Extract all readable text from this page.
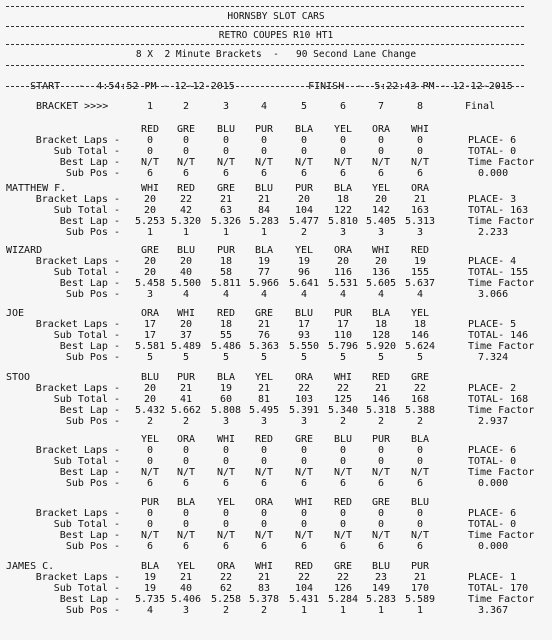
HORNSBY SLOT CARS
RETRO COUPES R10 HT1
8 X  2 Minute Brackets  -   90 Second Lane Change

START   -  4:54:52 PM - 12-12-2015
	FINISH  -  5:22:43 PM - 12-12-2015

BRACKET >>>>	1	2	3	4	5	6	7	8	Final
RED	GRE	BLU	PUR	BLA	YEL	ORA	WHI
Bracket Laps -	0	0	0	0	0	0	0	0
Sub Total -	0	0	0	0	0	0	0	0
Best Lap -	N/T	N/T	N/T	N/T	N/T	N/T	N/T	N/T
Sub Pos -	6	6	6	6	6	6	6	6
PLACE- 6
TOTAL- 0
Time Factor
0.000
MATTHEW F.	WHI	RED	GRE	BLU	PUR	BLA	YEL	ORA
Bracket Laps -	20	22	21	21	20	18	20	21
Sub Total -	20	42	63	84	104	122	142	163
Best Lap -	5.253 5.320 5.326 5.283 5.477 5.810 5.405 5.313
Sub Pos -	1	1	1	1	2	3	3	3
PLACE- 3
TOTAL- 163
Time Factor
2.233
WIZARD	GRE	BLU	PUR	BLA	YEL	ORA	WHI	RED
Bracket Laps -	20	20	18	19	19	20	20	19
Sub Total -	20	40	58	77	96	116	136	155
Best Lap -	5.458 5.500 5.811 5.966 5.641 5.531 5.605 5.637
Sub Pos -	3	4	4	4	4	4	4	4
PLACE- 4
TOTAL- 155
Time Factor
3.066
JOE	ORA	WHI	RED	GRE	BLU	PUR	BLA	YEL
Bracket Laps -	17	20	18	21	17	17	18	18
Sub Total -	17	37	55	76	93	110	128	146
Best Lap -	5.581 5.489 5.486 5.363 5.550 5.796 5.920 5.624
Sub Pos -	5	5	5	5	5	5	5	5
PLACE- 5
TOTAL- 146
Time Factor
7.324
STOO	BLU	PUR	BLA	YEL	ORA	WHI	RED	GRE
Bracket Laps -	20	21	19	21	22	22	21	22
Sub Total -	20	41	60	81	103	125	146	168
Best Lap -	5.432 5.662 5.808 5.495 5.391 5.340 5.318 5.388
Sub Pos -	2	2	3	3	3	2	2	2
PLACE- 2
TOTAL- 168
Time Factor
2.937
YEL	ORA	WHI	RED	GRE	BLU	PUR	BLA
Bracket Laps -	0	0	0	0	0	0	0	0
Sub Total -	0	0	0	0	0	0	0	0
Best Lap -	N/T	N/T	N/T	N/T	N/T	N/T	N/T	N/T
Sub Pos -	6	6	6	6	6	6	6	6
PLACE- 6
TOTAL- 0
Time Factor
0.000
PUR	BLA	YEL	ORA	WHI	RED	GRE	BLU
Bracket Laps -	0	0	0	0	0	0	0	0
Sub Total -	0	0	0	0	0	0	0	0
Best Lap -	N/T	N/T	N/T	N/T	N/T	N/T	N/T	N/T
Sub Pos -	6	6	6	6	6	6	6	6
PLACE- 6
TOTAL- 0
Time Factor
0.000
JAMES C.	BLA	YEL	ORA	WHI	RED	GRE	BLU	PUR
Bracket Laps -	19	21	22	21	22	22	23	21
Sub Total -	19	40	62	83	104	126	149	170
Best Lap -	5.735 5.406 5.258 5.378 5.431 5.284 5.283 5.589
Sub Pos -	4	3	2	2	1	1	1	1
PLACE- 1
TOTAL- 170
Time Factor
3.367
